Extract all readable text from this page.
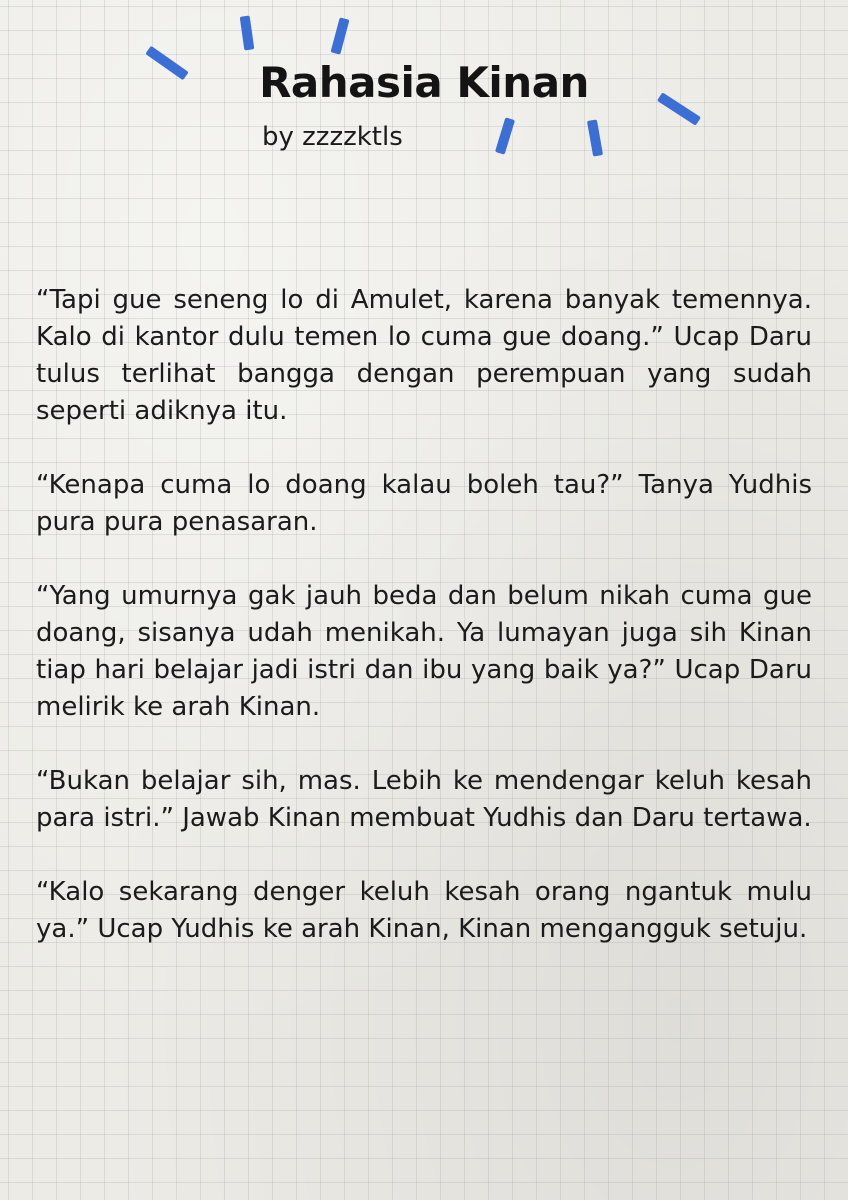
Rahasia Kinan

by zzzzktls

“Tapi gue seneng lo di Amulet, karena banyak temennya. Kalo di kantor dulu temen lo cuma gue doang.” Ucap Daru tulus terlihat bangga dengan perempuan yang sudah seperti adiknya itu.

“Kenapa cuma lo doang kalau boleh tau?” Tanya Yudhis pura pura penasaran.

“Yang umurnya gak jauh beda dan belum nikah cuma gue doang, sisanya udah menikah. Ya lumayan juga sih Kinan tiap hari belajar jadi istri dan ibu yang baik ya?” Ucap Daru melirik ke arah Kinan.

“Bukan belajar sih, mas. Lebih ke mendengar keluh kesah para istri.” Jawab Kinan membuat Yudhis dan Daru tertawa.

“Kalo sekarang denger keluh kesah orang ngantuk mulu ya.” Ucap Yudhis ke arah Kinan, Kinan mengangguk setuju.
